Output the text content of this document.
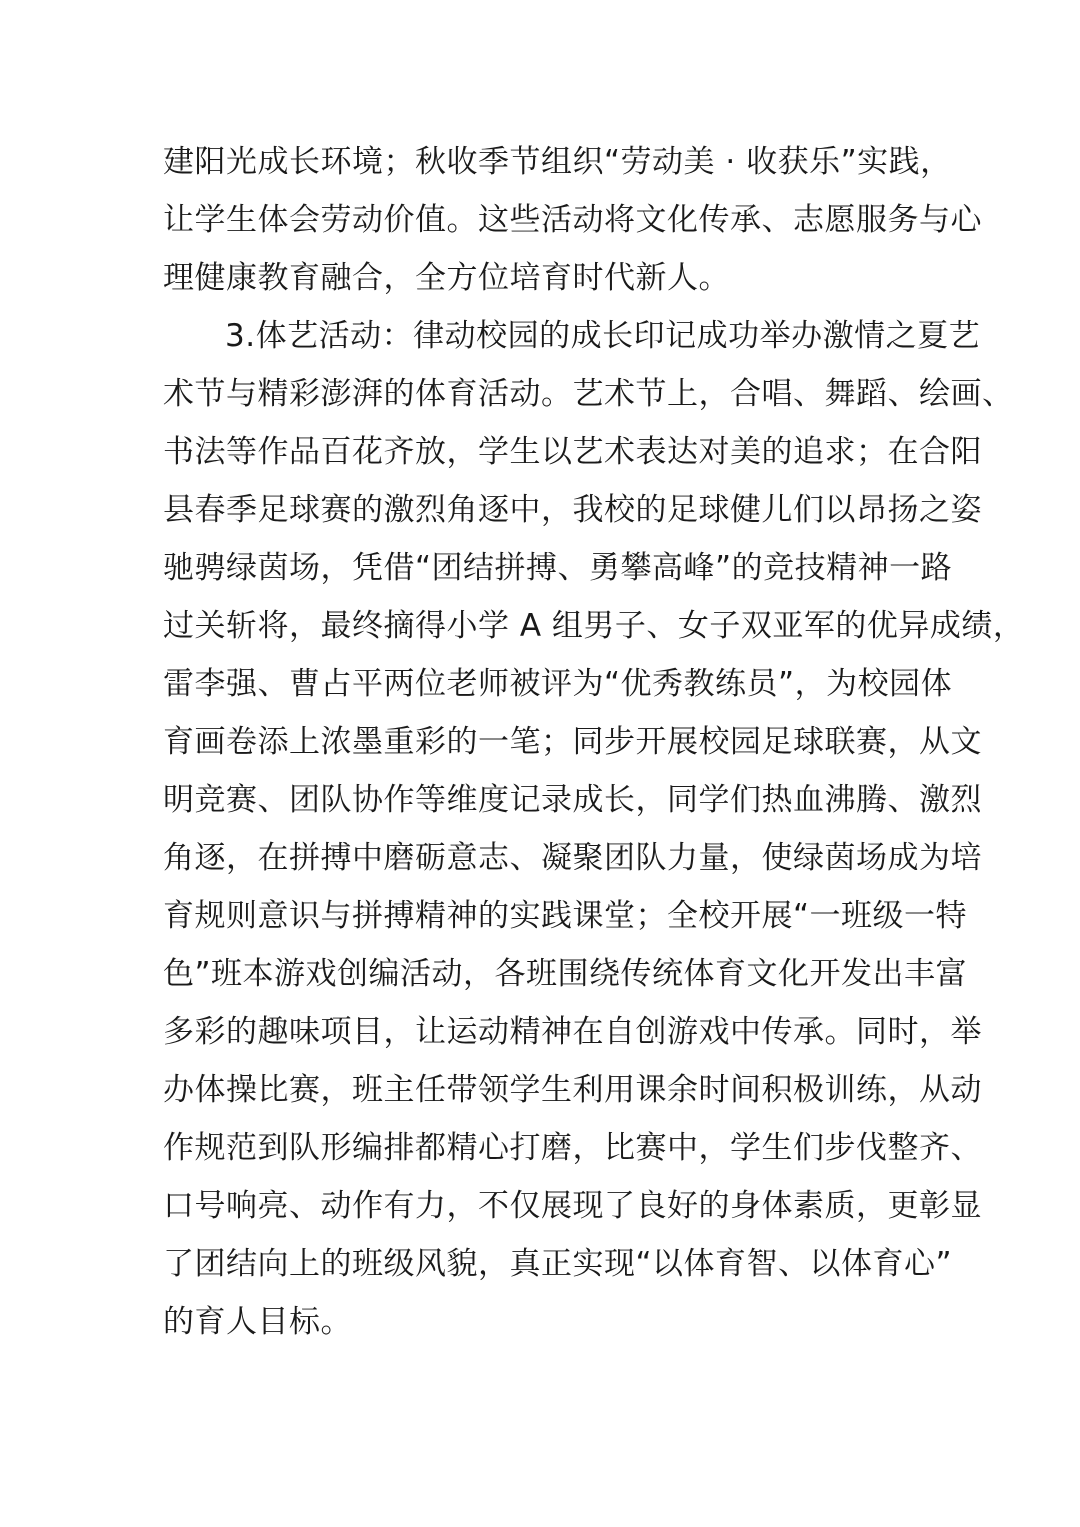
建阳光成长环境；秋收季节组织“劳动美 · 收获乐”实践，
让学生体会劳动价值。这些活动将文化传承、志愿服务与心
理健康教育融合，全方位培育时代新人。
3.体艺活动：律动校园的成长印记成功举办激情之夏艺
术节与精彩澎湃的体育活动。艺术节上，合唱、舞蹈、绘画、
书法等作品百花齐放，学生以艺术表达对美的追求；在合阳
县春季足球赛的激烈角逐中，我校的足球健儿们以昂扬之姿
驰骋绿茵场，凭借“团结拼搏、勇攀高峰”的竞技精神一路
过关斩将，最终摘得小学 A 组男子、女子双亚军的优异成绩，
雷李强、曹占平两位老师被评为“优秀教练员”，为校园体
育画卷添上浓墨重彩的一笔；同步开展校园足球联赛，从文
明竞赛、团队协作等维度记录成长，同学们热血沸腾、激烈
角逐，在拼搏中磨砺意志、凝聚团队力量，使绿茵场成为培
育规则意识与拼搏精神的实践课堂；全校开展“一班级一特
色”班本游戏创编活动，各班围绕传统体育文化开发出丰富
多彩的趣味项目，让运动精神在自创游戏中传承。同时，举
办体操比赛，班主任带领学生利用课余时间积极训练，从动
作规范到队形编排都精心打磨，比赛中，学生们步伐整齐、
口号响亮、动作有力，不仅展现了良好的身体素质，更彰显
了团结向上的班级风貌，真正实现“以体育智、以体育心”
的育人目标。
